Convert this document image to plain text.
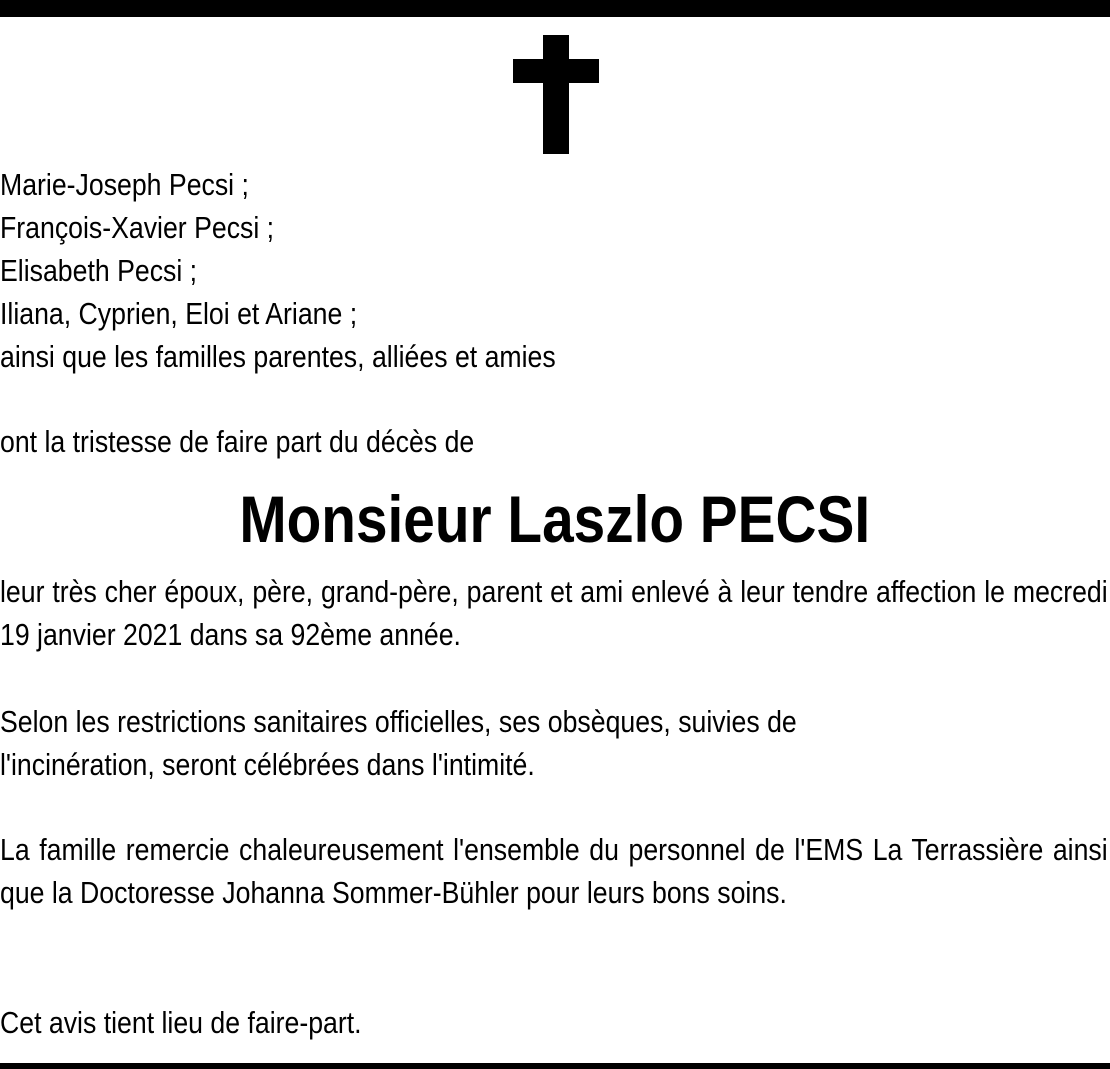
Marie-Joseph Pecsi ;
François-Xavier Pecsi ;
Elisabeth Pecsi ;
Iliana, Cyprien, Eloi et Ariane ;
ainsi que les familles parentes, alliées et amies
ont la tristesse de faire part du décès de
Monsieur Laszlo PECSI
leur très cher époux, père, grand-père, parent et ami enlevé à leur tendre affection le mecredi 19 janvier 2021 dans sa 92ème année.
Selon les restrictions sanitaires officielles, ses obsèques, suivies de
l'incinération, seront célébrées dans l'intimité.
La famille remercie chaleureusement l'ensemble du personnel de l'EMS La Terrassière ainsi que la Doctoresse Johanna Sommer-Bühler pour leurs bons soins.
Cet avis tient lieu de faire-part.
